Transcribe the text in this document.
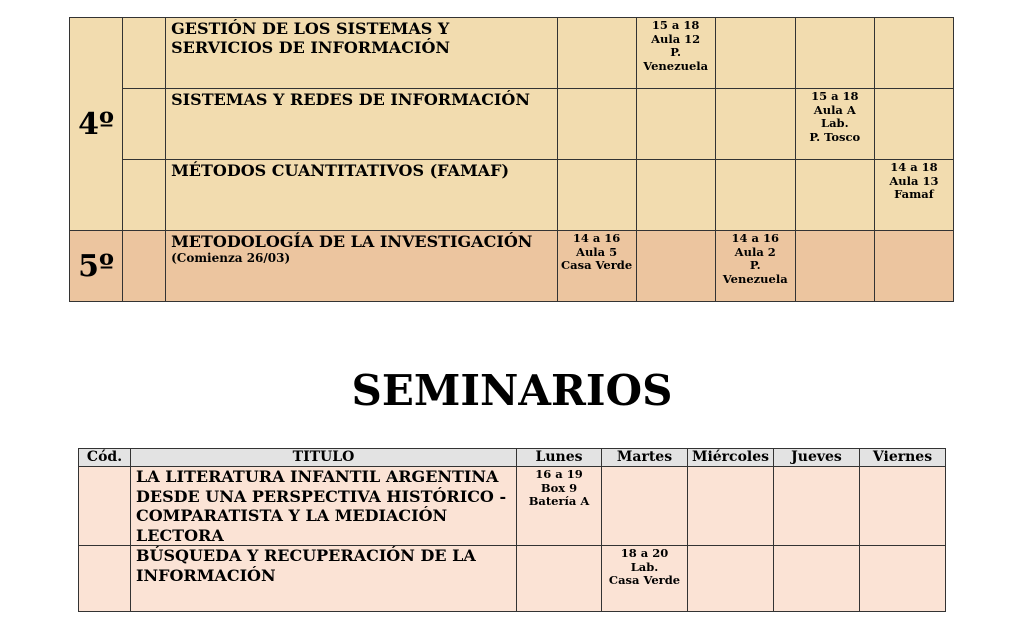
4º		GESTIÓN DE LOS SISTEMAS Y SERVICIOS DE INFORMACIÓN		15 a 18
Aula 12
P.
Venezuela			

		SISTEMAS Y REDES DE INFORMACIÓN				15 a 18
Aula A
Lab.
P. Tosco	

		MÉTODOS CUANTITATIVOS (FAMAF)					14 a 18
Aula 13
Famaf

5º		METODOLOGÍA DE LA INVESTIGACIÓN
(Comienza 26/03)	14 a 16
Aula 5
Casa Verde		14 a 16
Aula 2
P.
Venezuela		

SEMINARIOS
Cód.	TITULO	Lunes	Martes	Miércoles	Jueves	Viernes
	LA LITERATURA INFANTIL ARGENTINA DESDE UNA PERSPECTIVA HISTÓRICO - COMPARATISTA Y LA MEDIACIÓN LECTORA	16 a 19
Box 9
Batería A				

	BÚSQUEDA Y RECUPERACIÓN DE LA INFORMACIÓN		18 a 20
Lab.
Casa Verde			
